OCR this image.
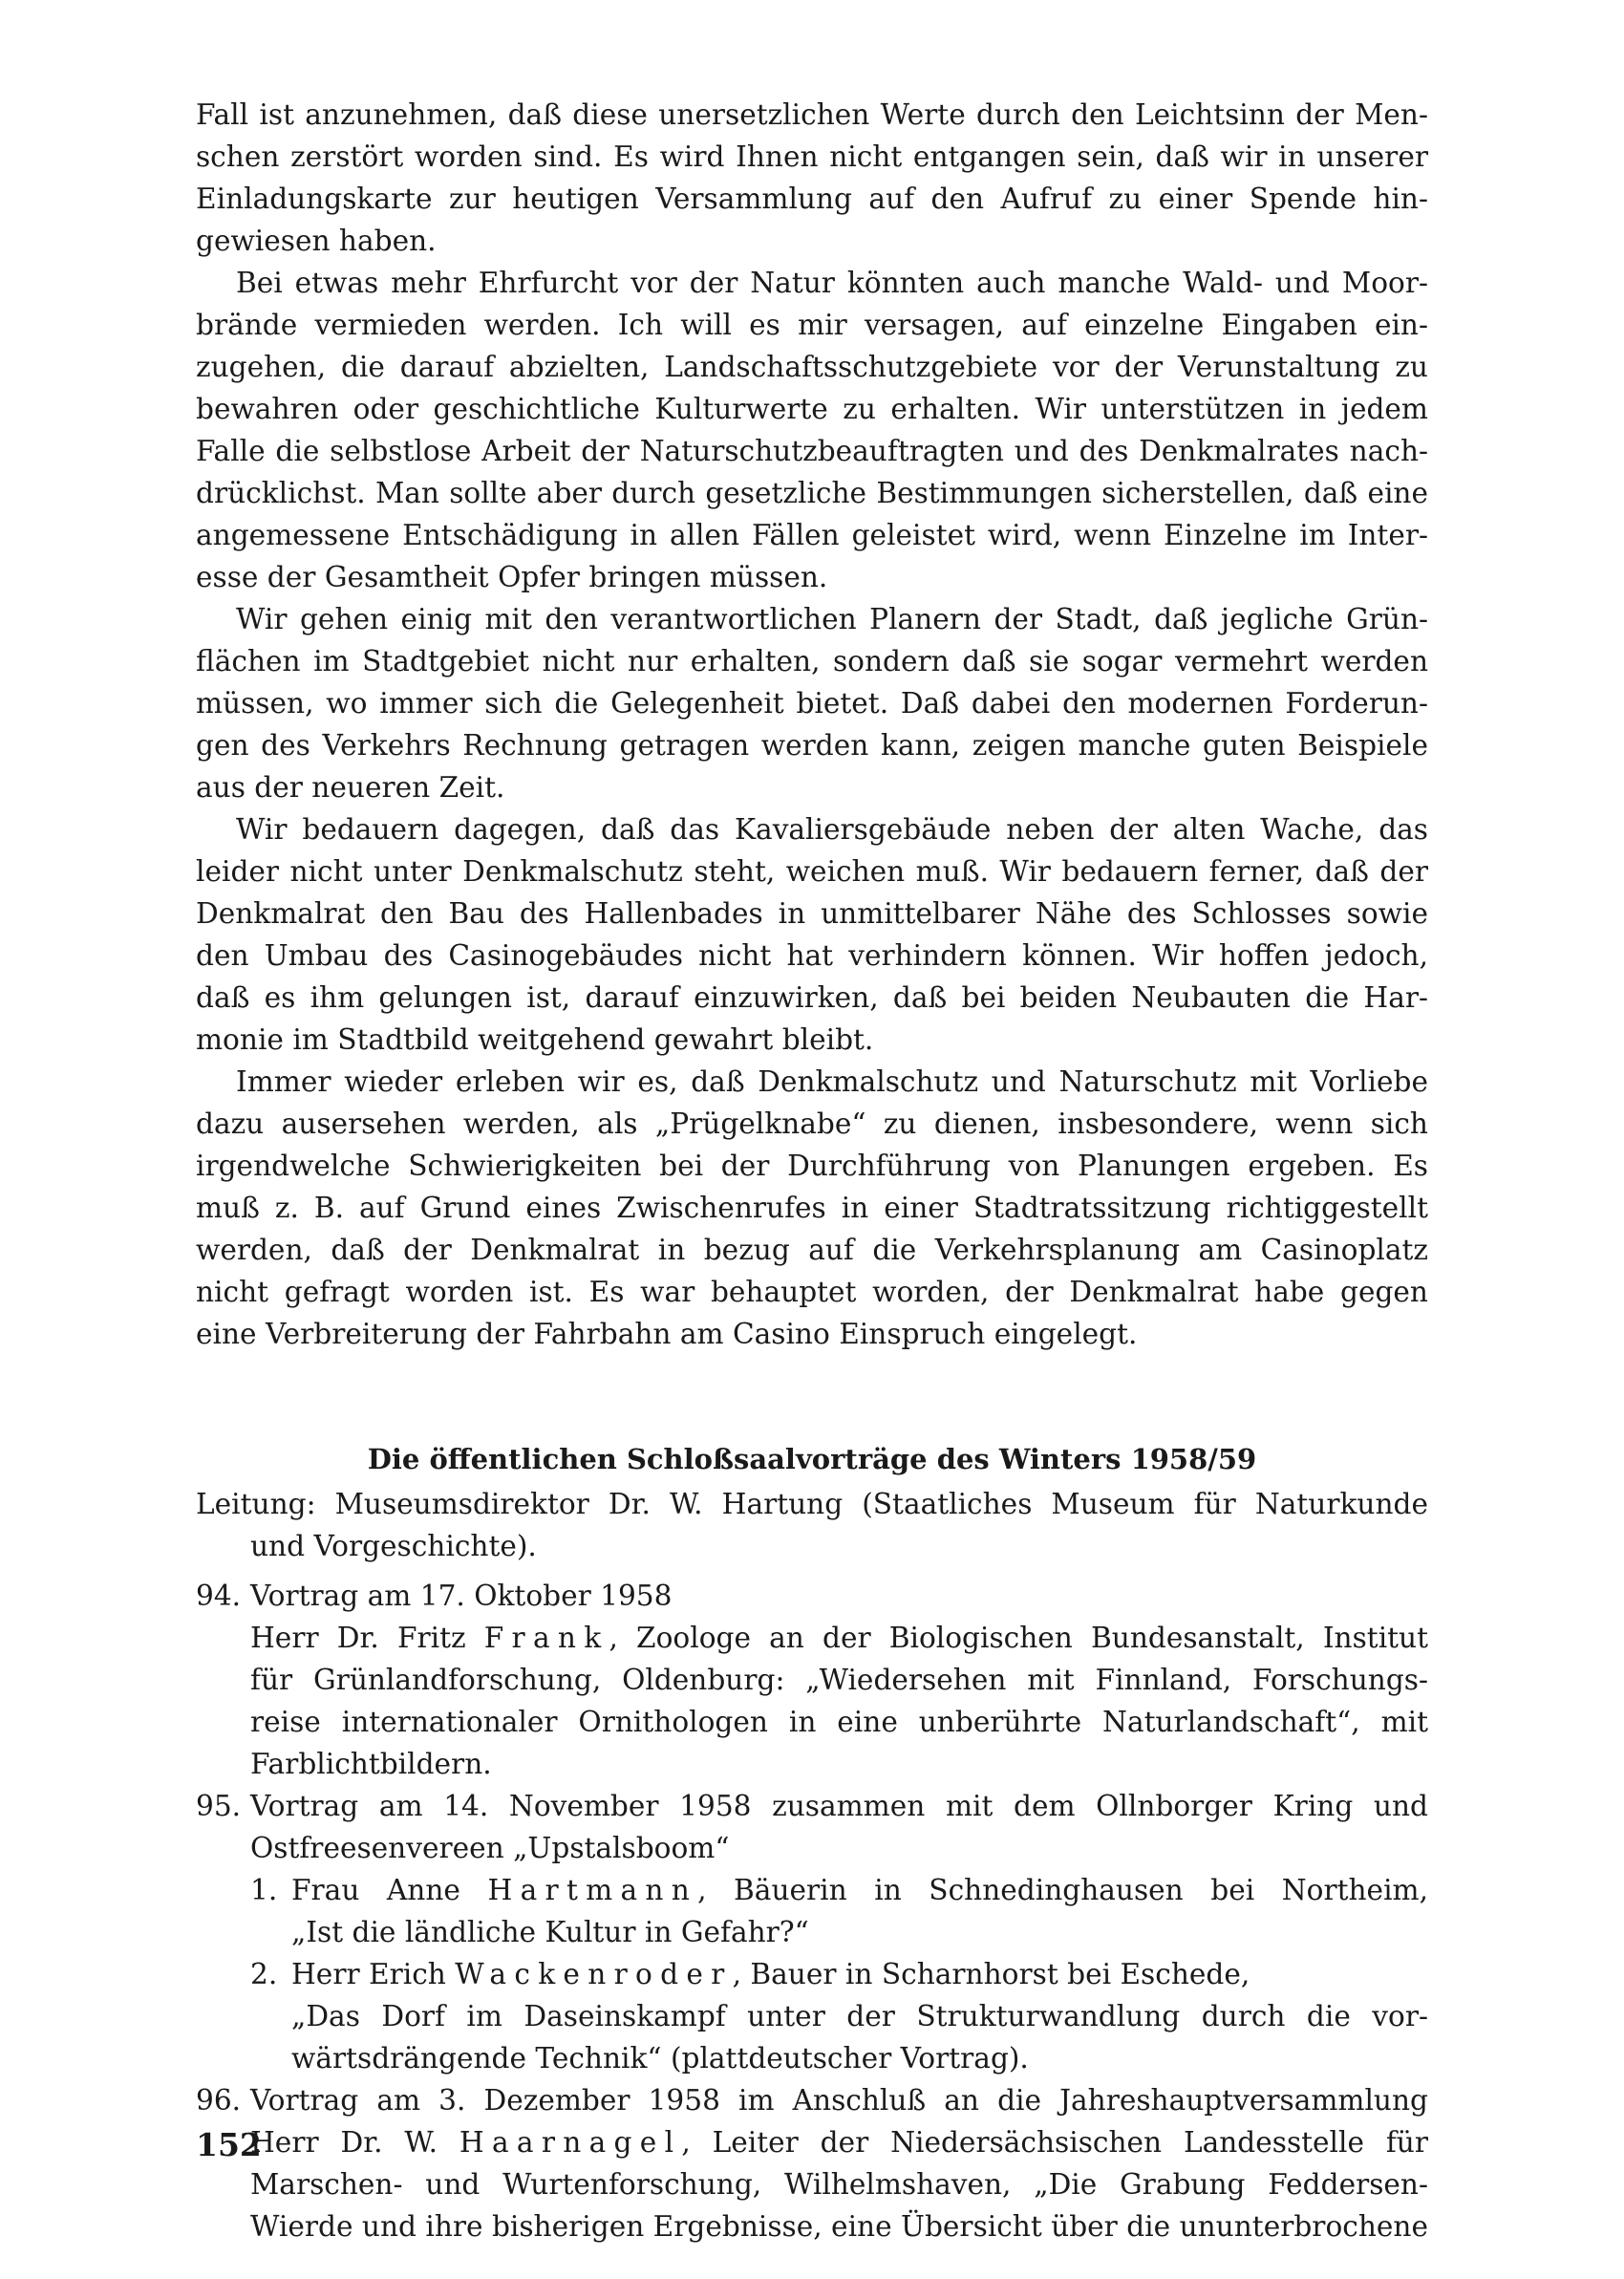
Fall ist anzunehmen, daß diese unersetzlichen Werte durch den Leichtsinn der Men-
schen zerstört worden sind. Es wird Ihnen nicht entgangen sein, daß wir in unserer
Einladungskarte zur heutigen Versammlung auf den Aufruf zu einer Spende hin-
gewiesen haben.
Bei etwas mehr Ehrfurcht vor der Natur könnten auch manche Wald- und Moor-
brände vermieden werden. Ich will es mir versagen, auf einzelne Eingaben ein-
zugehen, die darauf abzielten, Landschaftsschutzgebiete vor der Verunstaltung zu
bewahren oder geschichtliche Kulturwerte zu erhalten. Wir unterstützen in jedem
Falle die selbstlose Arbeit der Naturschutzbeauftragten und des Denkmalrates nach-
drücklichst. Man sollte aber durch gesetzliche Bestimmungen sicherstellen, daß eine
angemessene Entschädigung in allen Fällen geleistet wird, wenn Einzelne im Inter-
esse der Gesamtheit Opfer bringen müssen.
Wir gehen einig mit den verantwortlichen Planern der Stadt, daß jegliche Grün-
flächen im Stadtgebiet nicht nur erhalten, sondern daß sie sogar vermehrt werden
müssen, wo immer sich die Gelegenheit bietet. Daß dabei den modernen Forderun-
gen des Verkehrs Rechnung getragen werden kann, zeigen manche guten Beispiele
aus der neueren Zeit.
Wir bedauern dagegen, daß das Kavaliersgebäude neben der alten Wache, das
leider nicht unter Denkmalschutz steht, weichen muß. Wir bedauern ferner, daß der
Denkmalrat den Bau des Hallenbades in unmittelbarer Nähe des Schlosses sowie
den Umbau des Casinogebäudes nicht hat verhindern können. Wir hoffen jedoch,
daß es ihm gelungen ist, darauf einzuwirken, daß bei beiden Neubauten die Har-
monie im Stadtbild weitgehend gewahrt bleibt.
Immer wieder erleben wir es, daß Denkmalschutz und Naturschutz mit Vorliebe
dazu ausersehen werden, als „Prügelknabe“ zu dienen, insbesondere, wenn sich
irgendwelche Schwierigkeiten bei der Durchführung von Planungen ergeben. Es
muß z. B. auf Grund eines Zwischenrufes in einer Stadtratssitzung richtiggestellt
werden, daß der Denkmalrat in bezug auf die Verkehrsplanung am Casinoplatz
nicht gefragt worden ist. Es war behauptet worden, der Denkmalrat habe gegen
eine Verbreiterung der Fahrbahn am Casino Einspruch eingelegt.
Die öffentlichen Schloßsaalvorträge des Winters 1958/59
Leitung: Museumsdirektor Dr. W. Hartung (Staatliches Museum für Naturkunde
und Vorgeschichte).
94. Vortrag am 17. Oktober 1958
Herr Dr. Fritz Frank, Zoologe an der Biologischen Bundesanstalt, Institut
für Grünlandforschung, Oldenburg: „Wiedersehen mit Finnland, Forschungs-
reise internationaler Ornithologen in eine unberührte Naturlandschaft“, mit
Farblichtbildern.
95. Vortrag am 14. November 1958 zusammen mit dem Ollnborger Kring und
Ostfreesenvereen „Upstalsboom“
1. Frau Anne Hartmann, Bäuerin in Schnedinghausen bei Northeim,
„Ist die ländliche Kultur in Gefahr?“
2. Herr Erich Wackenroder, Bauer in Scharnhorst bei Eschede,
„Das Dorf im Daseinskampf unter der Strukturwandlung durch die vor-
wärtsdrängende Technik“ (plattdeutscher Vortrag).
96. Vortrag am 3. Dezember 1958 im Anschluß an die Jahreshauptversammlung
Herr Dr. W. Haarnagel, Leiter der Niedersächsischen Landesstelle für
Marschen- und Wurtenforschung, Wilhelmshaven, „Die Grabung Feddersen-
Wierde und ihre bisherigen Ergebnisse, eine Übersicht über die ununterbrochene
152
